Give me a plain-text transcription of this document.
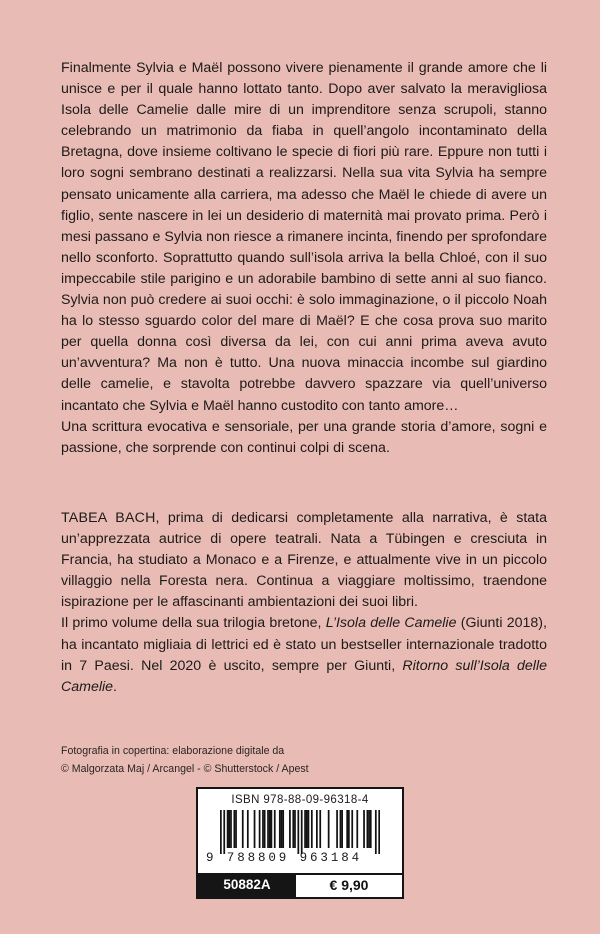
Finalmente Sylvia e Maël possono vivere pienamente il grande amore che li unisce e per il quale hanno lottato tanto. Dopo aver salvato la meravigliosa Isola delle Camelie dalle mire di un imprenditore senza scrupoli, stanno celebrando un matrimonio da fiaba in quell’angolo incontaminato della Bretagna, dove insieme coltivano le specie di fiori più rare. Eppure non tutti i loro sogni sembrano destinati a realizzarsi. Nella sua vita Sylvia ha sempre pensato unicamente alla carriera, ma adesso che Maël le chiede di avere un figlio, sente nascere in lei un desiderio di maternità mai provato prima. Però i mesi passano e Sylvia non riesce a rimanere incinta, finendo per sprofondare nello sconforto. Soprattutto quando sull’isola arriva la bella Chloé, con il suo impeccabile stile parigino e un adorabile bambino di sette anni al suo fianco. Sylvia non può credere ai suoi occhi: è solo immaginazione, o il piccolo Noah ha lo stesso sguardo color del mare di Maël? E che cosa prova suo marito per quella donna così diversa da lei, con cui anni prima aveva avuto un’avventura? Ma non è tutto. Una nuova minaccia incombe sul giardino delle camelie, e stavolta potrebbe davvero spazzare via quell’universo incantato che Sylvia e Maël hanno custodito con tanto amore…
Una scrittura evocativa e sensoriale, per una grande storia d’amore, sogni e passione, che sorprende con continui colpi di scena.
TABEA BACH, prima di dedicarsi completamente alla narrativa, è stata un’apprezzata autrice di opere teatrali. Nata a Tübingen e cresciuta in Francia, ha studiato a Monaco e a Firenze, e attualmente vive in un piccolo villaggio nella Foresta nera. Continua a viaggiare moltissimo, traendone ispirazione per le affascinanti ambientazioni dei suoi libri.
Il primo volume della sua trilogia bretone, L’Isola delle Camelie (Giunti 2018), ha incantato migliaia di lettrici ed è stato un bestseller internazionale tradotto in 7 Paesi. Nel 2020 è uscito, sempre per Giunti, Ritorno sull’Isola delle Camelie.
Fotografia in copertina: elaborazione digitale da
© Malgorzata Maj / Arcangel - © Shutterstock / Apest
ISBN 978-88-09-96318-4
9 788809 963184
50882A	€ 9,90
